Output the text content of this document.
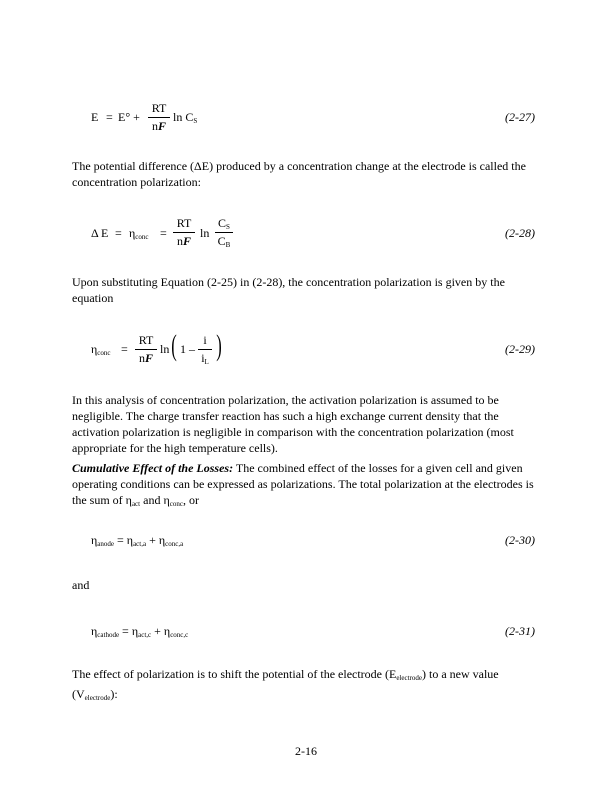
$E = E^\circ + \frac{RT}{nF}$ $\ln C_S$	(2-27)
The potential difference (ΔE) produced by a concentration change at the electrode is called the concentration polarization:
Δ $E = \eta_{conc} = \frac{RT}{nF}$ $\ln \frac{C_S}{C_B}$	(2-28)
Upon substituting Equation (2-25) in (2-28), the concentration polarization is given by the equation
$\eta_{conc} = \frac{RT}{nF}$ ln ( $1 - \frac{i}{i_L}$ )	(2-29)
In this analysis of concentration polarization, the activation polarization is assumed to be negligible. The charge transfer reaction has such a high exchange current density that the activation polarization is negligible in comparison with the concentration polarization (most appropriate for the high temperature cells).
Cumulative Effect of the Losses: The combined effect of the losses for a given cell and given operating conditions can be expressed as polarizations. The total polarization at the electrodes is the sum of $\eta_{act}$ and $\eta_{conc}$, or
$\eta_{anode} = \eta_{act,a} + \eta_{conc,a}$	(2-30)
and
$\eta_{cathode} = \eta_{act,c} + \eta_{conc,c}$	(2-31)
The effect of polarization is to shift the potential of the electrode $(E_{electrode})$ to a new value $(V_{electrode})$:
2-16
